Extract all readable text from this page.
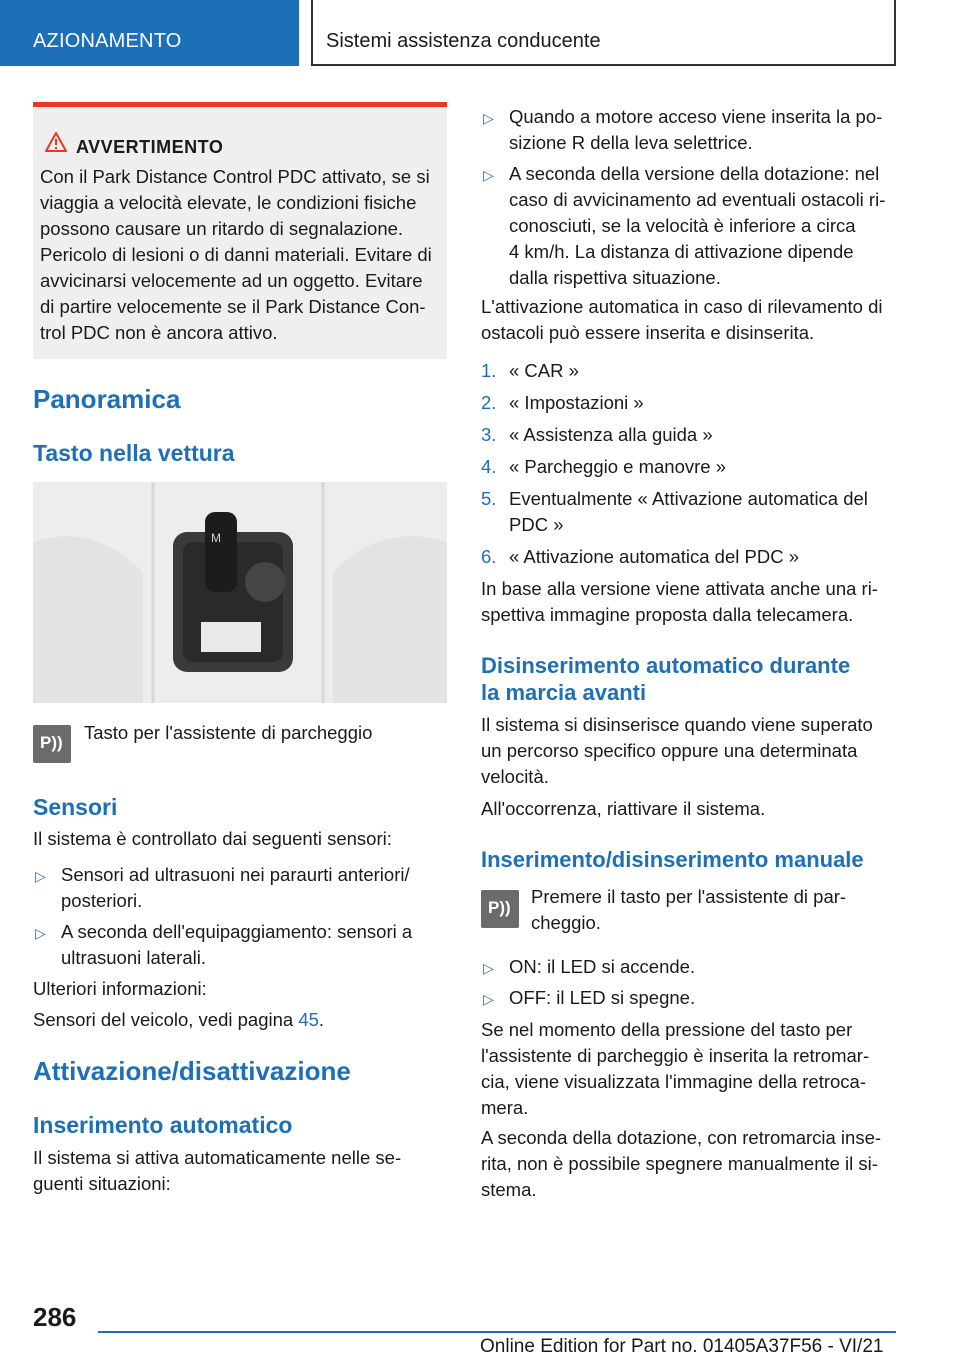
AZIONAMENTO	Sistemi assistenza conducente
AVVERTIMENTO
Con il Park Distance Control PDC attivato, se si
viaggia a velocità elevate, le condizioni fisiche
possono causare un ritardo di segnalazione.
Pericolo di lesioni o di danni materiali. Evitare di
avvicinarsi velocemente ad un oggetto. Evitare
di partire velocemente se il Park Distance Con-
trol PDC non è ancora attivo.
Panoramica
Tasto nella vettura
M
P)) Tasto per l'assistente di parcheggio
Sensori
Il sistema è controllato dai seguenti sensori:
▷ Sensori ad ultrasuoni nei paraurti anteriori/
posteriori.
▷ A seconda dell'equipaggiamento: sensori a
ultrasuoni laterali.
Ulteriori informazioni:
Sensori del veicolo, vedi pagina 45.
Attivazione/disattivazione
Inserimento automatico
Il sistema si attiva automaticamente nelle se-
guenti situazioni:
▷ Quando a motore acceso viene inserita la po-
sizione R della leva selettrice.
▷ A seconda della versione della dotazione: nel
caso di avvicinamento ad eventuali ostacoli ri-
conosciuti, se la velocità è inferiore a circa
4 km/h. La distanza di attivazione dipende
dalla rispettiva situazione.
L'attivazione automatica in caso di rilevamento di
ostacoli può essere inserita e disinserita.
1. « CAR »
2. « Impostazioni »
3. « Assistenza alla guida »
4. « Parcheggio e manovre »
5. Eventualmente « Attivazione automatica del
PDC »
6. « Attivazione automatica del PDC »
In base alla versione viene attivata anche una ri-
spettiva immagine proposta dalla telecamera.
Disinserimento automatico durante
la marcia avanti
Il sistema si disinserisce quando viene superato
un percorso specifico oppure una determinata
velocità.
All'occorrenza, riattivare il sistema.
Inserimento/disinserimento manuale
P))
Premere il tasto per l'assistente di par-
cheggio.
▷ ON: il LED si accende.
▷ OFF: il LED si spegne.
Se nel momento della pressione del tasto per
l'assistente di parcheggio è inserita la retromar-
cia, viene visualizzata l'immagine della retroca-
mera.
A seconda della dotazione, con retromarcia inse-
rita, non è possibile spegnere manualmente il si-
stema.
286
Online Edition for Part no. 01405A37F56 - VI/21
